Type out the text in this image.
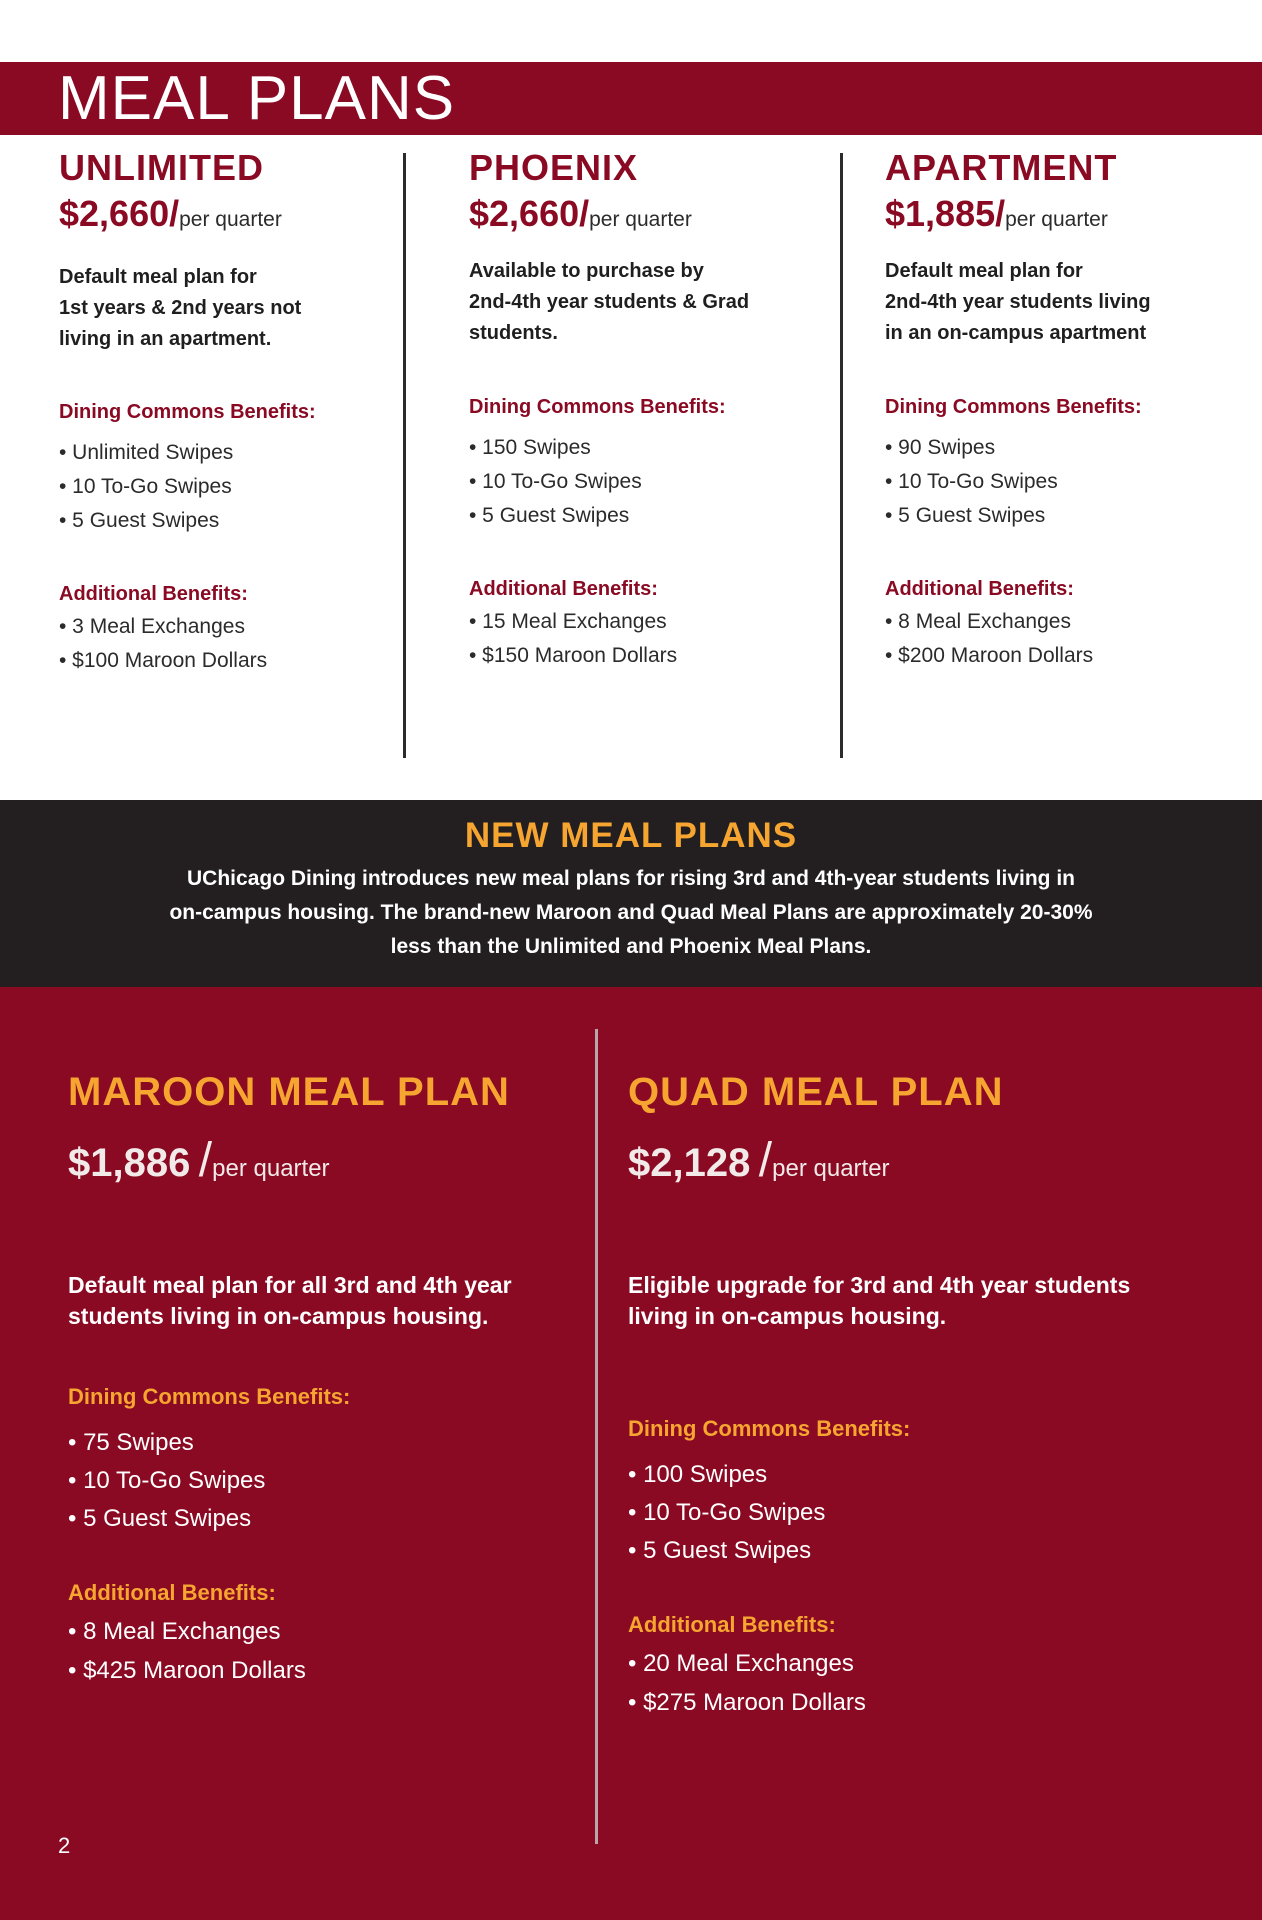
MEAL PLANS
UNLIMITED
$2,660/per quarter
Default meal plan for
1st years & 2nd years not
living in an apartment.
Dining Commons Benefits:
• Unlimited Swipes
• 10 To-Go Swipes
• 5 Guest Swipes
Additional Benefits:
• 3 Meal Exchanges
• $100 Maroon Dollars
PHOENIX
$2,660/per quarter
Available to purchase by
2nd-4th year students & Grad
students.
Dining Commons Benefits:
• 150 Swipes
• 10 To-Go Swipes
• 5 Guest Swipes
Additional Benefits:
• 15 Meal Exchanges
• $150 Maroon Dollars
APARTMENT
$1,885/per quarter
Default meal plan for
2nd-4th year students living
in an on-campus apartment
Dining Commons Benefits:
• 90 Swipes
• 10 To-Go Swipes
• 5 Guest Swipes
Additional Benefits:
• 8 Meal Exchanges
• $200 Maroon Dollars
NEW MEAL PLANS
UChicago Dining introduces new meal plans for rising 3rd and 4th-year students living in
on-campus housing. The brand-new Maroon and Quad Meal Plans are approximately 20-30%
less than the Unlimited and Phoenix Meal Plans.
MAROON MEAL PLAN
$1,886 /per quarter
Default meal plan for all 3rd and 4th year
students living in on-campus housing.
Dining Commons Benefits:
• 75 Swipes
• 10 To-Go Swipes
• 5 Guest Swipes
Additional Benefits:
• 8 Meal Exchanges
• $425 Maroon Dollars
QUAD MEAL PLAN
$2,128 /per quarter
Eligible upgrade for 3rd and 4th year students
living in on-campus housing.
Dining Commons Benefits:
• 100 Swipes
• 10 To-Go Swipes
• 5 Guest Swipes
Additional Benefits:
• 20 Meal Exchanges
• $275 Maroon Dollars
2
